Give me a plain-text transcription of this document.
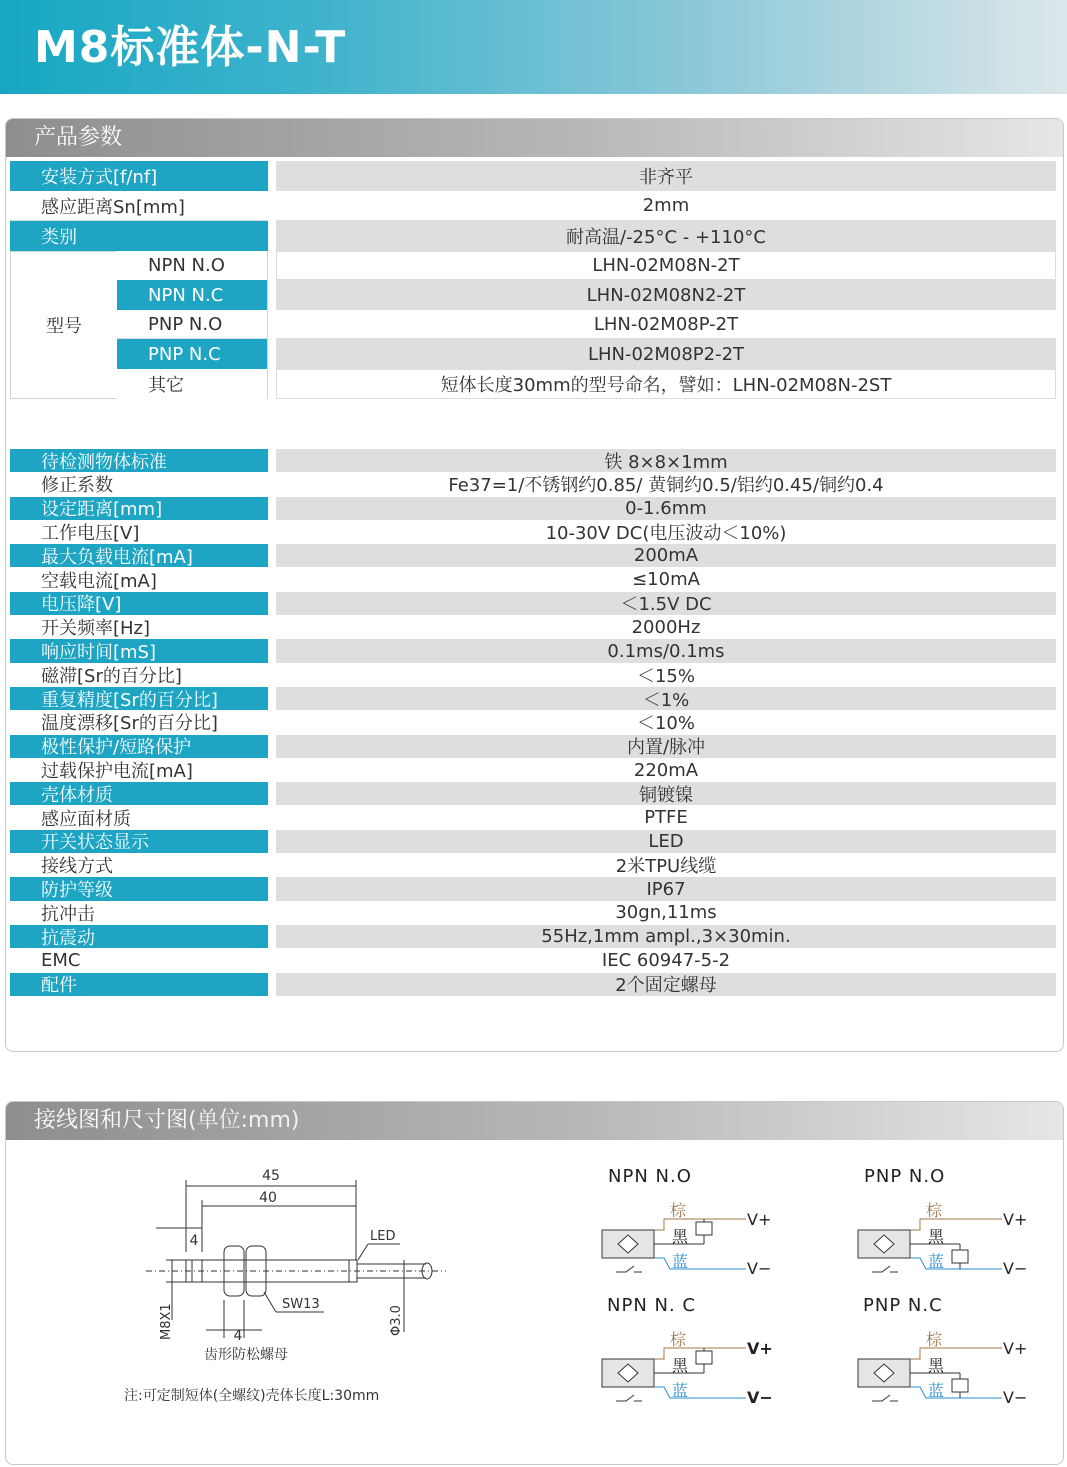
M8标准体-N-T
产品参数
安装方式[f/nf]	非齐平
感应距离Sn[mm]	2mm
类别	耐高温/-25°C - +110°C
型号
NPN N.O	LHN-02M08N-2T
NPN N.C	LHN-02M08N2-2T
PNP N.O	LHN-02M08P-2T
PNP N.C	LHN-02M08P2-2T
其它	短体长度30mm的型号命名，譬如：LHN-02M08N-2ST
待检测物体标准	铁 8×8×1mm
修正系数	Fe37=1/不锈钢约0.85/ 黄铜约0.5/铝约0.45/铜约0.4
设定距离[mm]	0-1.6mm
工作电压[V]	10-30V DC(电压波动＜10%)
最大负载电流[mA]	200mA
空载电流[mA]	≤10mA
电压降[V]	＜1.5V DC
开关频率[Hz]	2000Hz
响应时间[mS]	0.1ms/0.1ms
磁滞[Sr的百分比]	＜15%
重复精度[Sr的百分比]	＜1%
温度漂移[Sr的百分比]	＜10%
极性保护/短路保护	内置/脉冲
过载保护电流[mA]	220mA
壳体材质	铜镀镍
感应面材质	PTFE
开关状态显示	LED
接线方式	2米TPU线缆
防护等级	IP67
抗冲击	30gn,11ms
抗震动	55Hz,1mm ampl.,3×30min.
EMC	IEC 60947-5-2
配件	2个固定螺母
接线图和尺寸图(单位:mm)
45
40
4	LED
SW13
M8X1	Φ3.0
4
齿形防松螺母
注:可定制短体(全螺纹)壳体长度L:30mm
NPN N.O	PNP N.O
NPN N. C	PNP N.C
棕
黑
蓝
V+
V−
棕
黑
蓝
V+
V−
棕
黑
蓝
V+
V−
棕
黑
蓝
V+
V−
